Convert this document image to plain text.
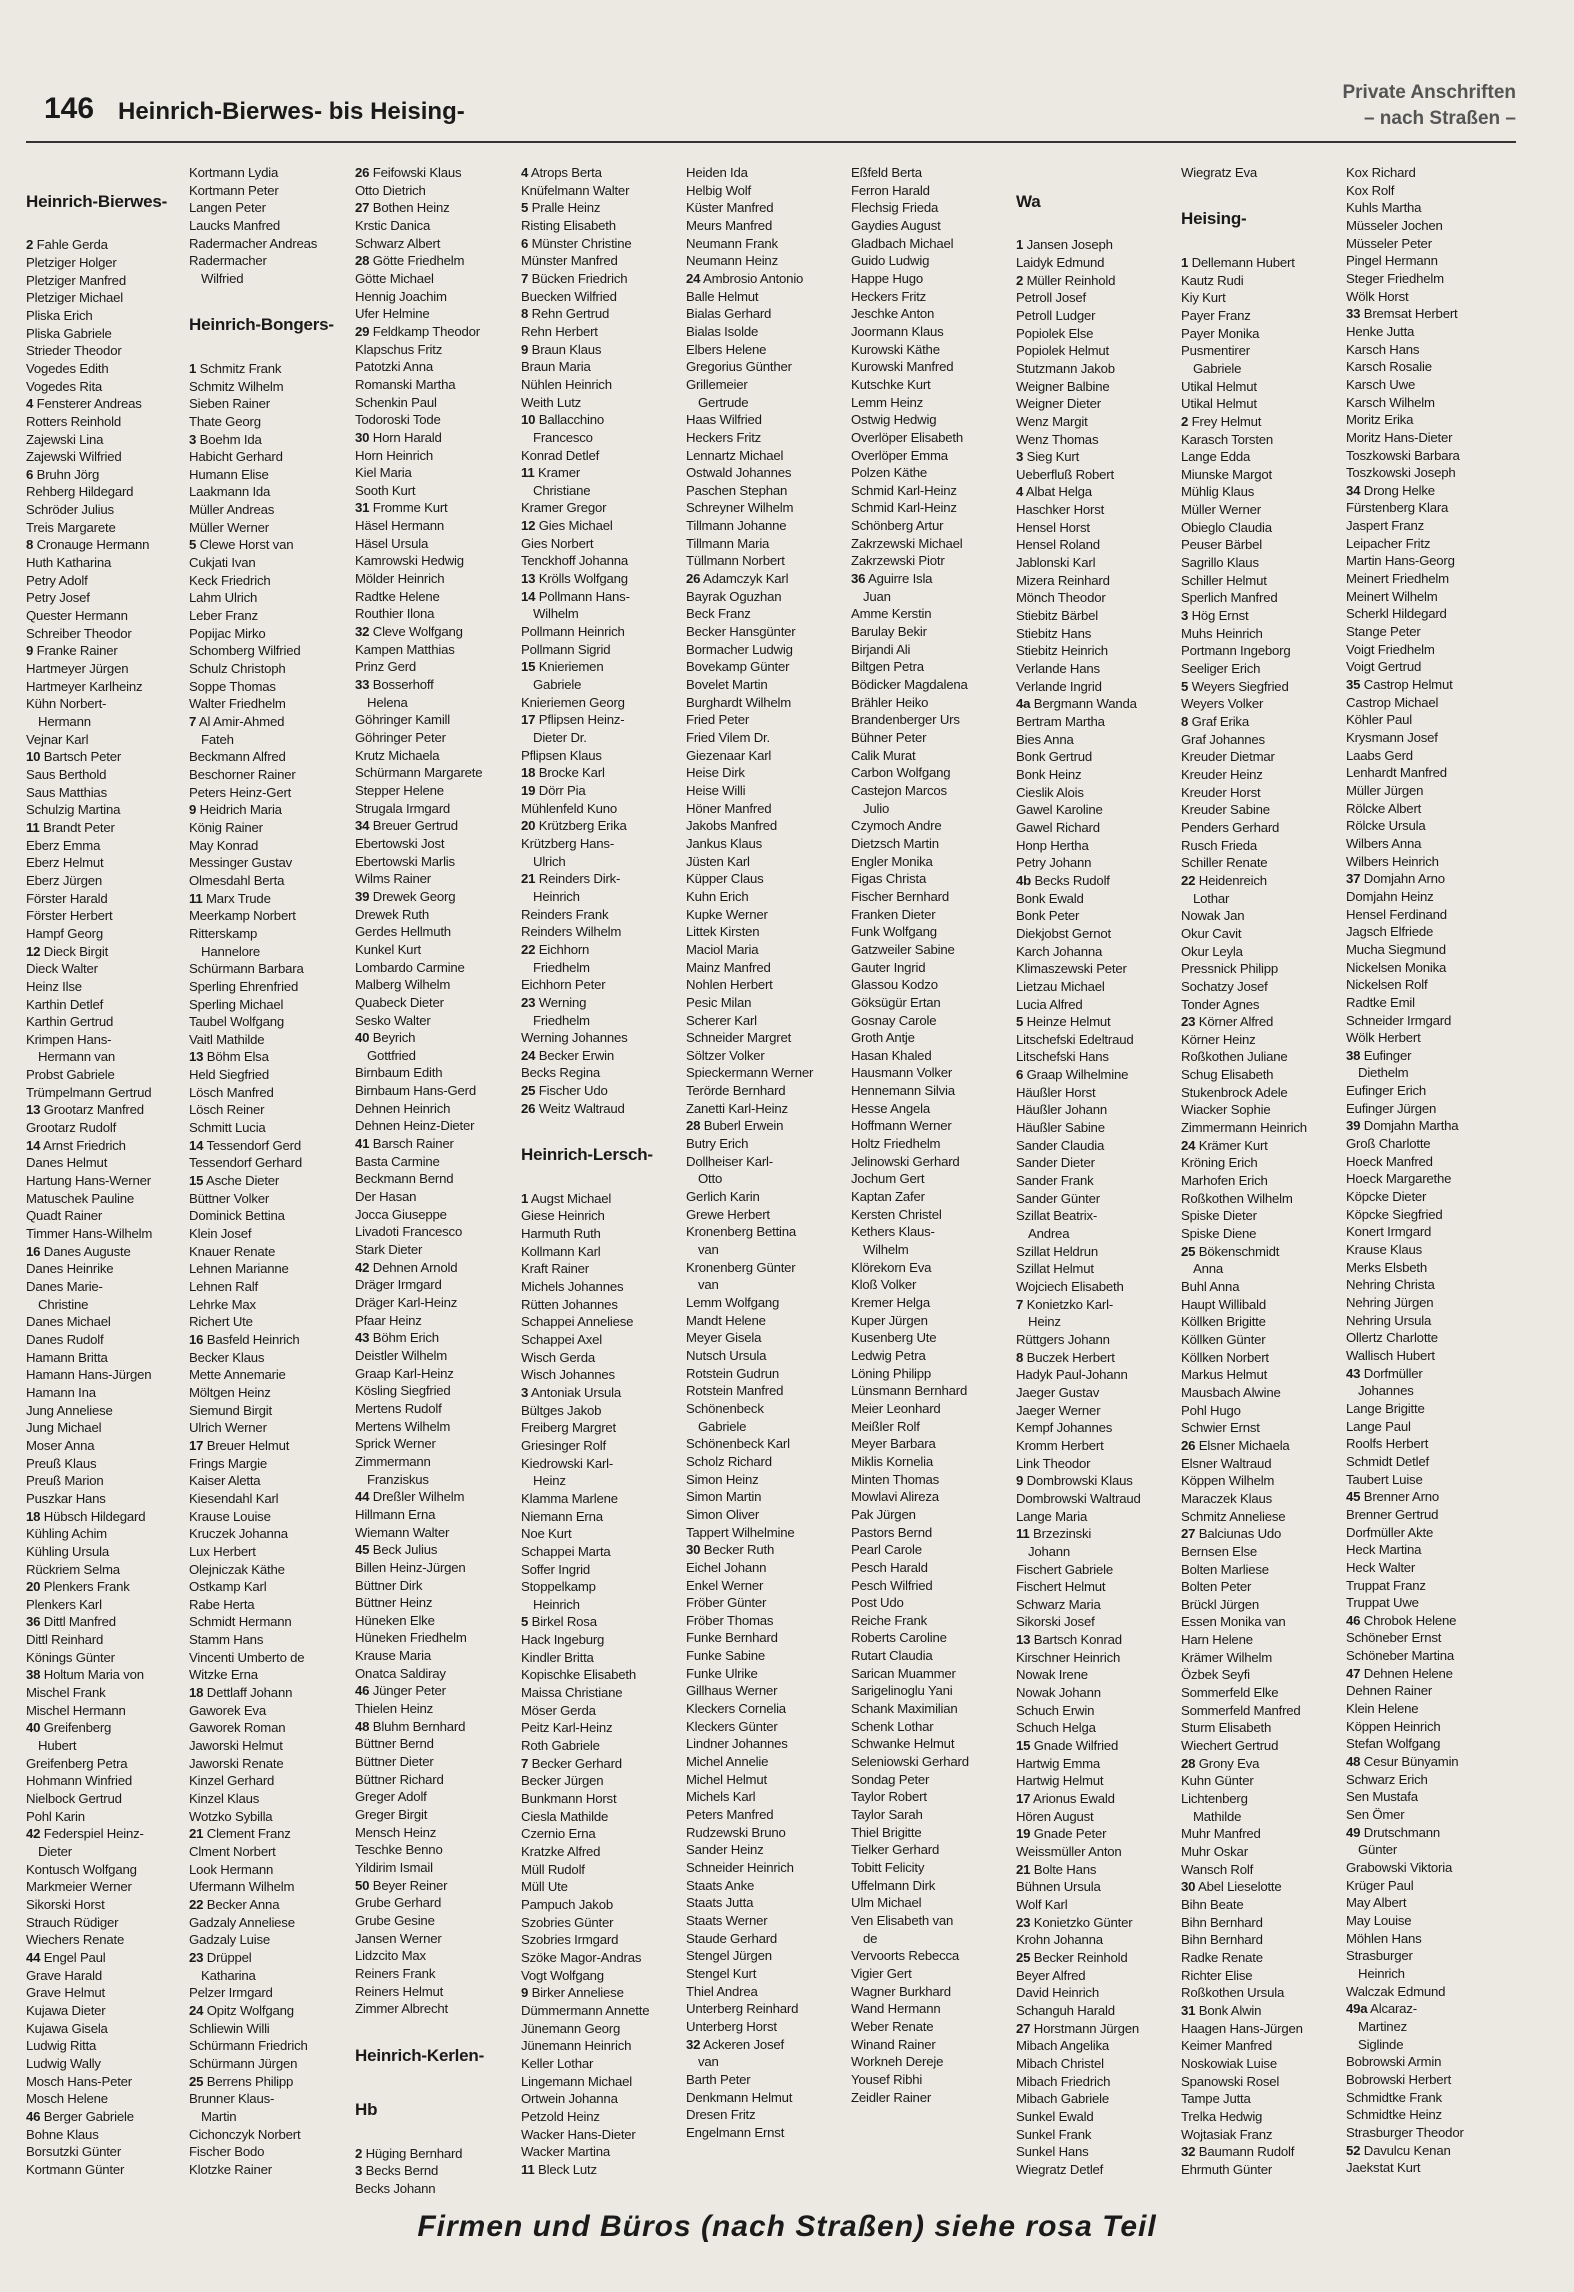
146 Heinrich-Bierwes- bis Heising-
Private Anschriften
– nach Straßen –
Heinrich-Bierwes-
2 Fahle Gerda
Pletziger Holger
Pletziger Manfred
Pletziger Michael
Pliska Erich
Pliska Gabriele
Strieder Theodor
Vogedes Edith
Vogedes Rita
4 Fensterer Andreas
Rotters Reinhold
Zajewski Lina
Zajewski Wilfried
6 Bruhn Jörg
Rehberg Hildegard
Schröder Julius
Treis Margarete
8 Cronauge Hermann
Huth Katharina
Petry Adolf
Petry Josef
Quester Hermann
Schreiber Theodor
9 Franke Rainer
Hartmeyer Jürgen
Hartmeyer Karlheinz
Kühn Norbert-
Hermann
Vejnar Karl
10 Bartsch Peter
Saus Berthold
Saus Matthias
Schulzig Martina
11 Brandt Peter
Eberz Emma
Eberz Helmut
Eberz Jürgen
Förster Harald
Förster Herbert
Hampf Georg
12 Dieck Birgit
Dieck Walter
Heinz Ilse
Karthin Detlef
Karthin Gertrud
Krimpen Hans-
Hermann van
Probst Gabriele
Trümpelmann Gertrud
13 Grootarz Manfred
Grootarz Rudolf
14 Arnst Friedrich
Danes Helmut
Hartung Hans-Werner
Matuschek Pauline
Quadt Rainer
Timmer Hans-Wilhelm
16 Danes Auguste
Danes Heinrike
Danes Marie-
Christine
Danes Michael
Danes Rudolf
Hamann Britta
Hamann Hans-Jürgen
Hamann Ina
Jung Anneliese
Jung Michael
Moser Anna
Preuß Klaus
Preuß Marion
Puszkar Hans
18 Hübsch Hildegard
Kühling Achim
Kühling Ursula
Rückriem Selma
20 Plenkers Frank
Plenkers Karl
36 Dittl Manfred
Dittl Reinhard
Könings Günter
38 Holtum Maria von
Mischel Frank
Mischel Hermann
40 Greifenberg
Hubert
Greifenberg Petra
Hohmann Winfried
Nielbock Gertrud
Pohl Karin
42 Federspiel Heinz-
Dieter
Kontusch Wolfgang
Markmeier Werner
Sikorski Horst
Strauch Rüdiger
Wiechers Renate
44 Engel Paul
Grave Harald
Grave Helmut
Kujawa Dieter
Kujawa Gisela
Ludwig Ritta
Ludwig Wally
Mosch Hans-Peter
Mosch Helene
46 Berger Gabriele
Bohne Klaus
Borsutzki Günter
Kortmann Günter
Kortmann Lydia
Kortmann Peter
Langen Peter
Laucks Manfred
Radermacher Andreas
Radermacher
Wilfried
Heinrich-Bongers-
1 Schmitz Frank
Schmitz Wilhelm
Sieben Rainer
Thate Georg
3 Boehm Ida
Habicht Gerhard
Humann Elise
Laakmann Ida
Müller Andreas
Müller Werner
5 Clewe Horst van
Cukjati Ivan
Keck Friedrich
Lahm Ulrich
Leber Franz
Popijac Mirko
Schomberg Wilfried
Schulz Christoph
Soppe Thomas
Walter Friedhelm
7 Al Amir-Ahmed
Fateh
Beckmann Alfred
Beschorner Rainer
Peters Heinz-Gert
9 Heidrich Maria
König Rainer
May Konrad
Messinger Gustav
Olmesdahl Berta
11 Marx Trude
Meerkamp Norbert
Ritterskamp
Hannelore
Schürmann Barbara
Sperling Ehrenfried
Sperling Michael
Taubel Wolfgang
Vaitl Mathilde
13 Böhm Elsa
Held Siegfried
Lösch Manfred
Lösch Reiner
Schmitt Lucia
14 Tessendorf Gerd
Tessendorf Gerhard
15 Asche Dieter
Büttner Volker
Dominick Bettina
Klein Josef
Knauer Renate
Lehnen Marianne
Lehnen Ralf
Lehrke Max
Richert Ute
16 Basfeld Heinrich
Becker Klaus
Mette Annemarie
Möltgen Heinz
Siemund Birgit
Ulrich Werner
17 Breuer Helmut
Frings Margie
Kaiser Aletta
Kiesendahl Karl
Krause Louise
Kruczek Johanna
Lux Herbert
Olejniczak Käthe
Ostkamp Karl
Rabe Herta
Schmidt Hermann
Stamm Hans
Vincenti Umberto de
Witzke Erna
18 Dettlaff Johann
Gaworek Eva
Gaworek Roman
Jaworski Helmut
Jaworski Renate
Kinzel Gerhard
Kinzel Klaus
Wotzko Sybilla
21 Clement Franz
Clment Norbert
Look Hermann
Ufermann Wilhelm
22 Becker Anna
Gadzaly Anneliese
Gadzaly Luise
23 Drüppel
Katharina
Pelzer Irmgard
24 Opitz Wolfgang
Schliewin Willi
Schürmann Friedrich
Schürmann Jürgen
25 Berrens Philipp
Brunner Klaus-
Martin
Cichonczyk Norbert
Fischer Bodo
Klotzke Rainer
26 Feifowski Klaus
Otto Dietrich
27 Bothen Heinz
Krstic Danica
Schwarz Albert
28 Götte Friedhelm
Götte Michael
Hennig Joachim
Ufer Helmine
29 Feldkamp Theodor
Klapschus Fritz
Patotzki Anna
Romanski Martha
Schenkin Paul
Todoroski Tode
30 Horn Harald
Horn Heinrich
Kiel Maria
Sooth Kurt
31 Fromme Kurt
Häsel Hermann
Häsel Ursula
Kamrowski Hedwig
Mölder Heinrich
Radtke Helene
Routhier Ilona
32 Cleve Wolfgang
Kampen Matthias
Prinz Gerd
33 Bosserhoff
Helena
Göhringer Kamill
Göhringer Peter
Krutz Michaela
Schürmann Margarete
Stepper Helene
Strugala Irmgard
34 Breuer Gertrud
Ebertowski Jost
Ebertowski Marlis
Wilms Rainer
39 Drewek Georg
Drewek Ruth
Gerdes Hellmuth
Kunkel Kurt
Lombardo Carmine
Malberg Wilhelm
Quabeck Dieter
Sesko Walter
40 Beyrich
Gottfried
Birnbaum Edith
Birnbaum Hans-Gerd
Dehnen Heinrich
Dehnen Heinz-Dieter
41 Barsch Rainer
Basta Carmine
Beckmann Bernd
Der Hasan
Jocca Giuseppe
Livadoti Francesco
Stark Dieter
42 Dehnen Arnold
Dräger Irmgard
Dräger Karl-Heinz
Pfaar Heinz
43 Böhm Erich
Deistler Wilhelm
Graap Karl-Heinz
Kösling Siegfried
Mertens Rudolf
Mertens Wilhelm
Sprick Werner
Zimmermann
Franziskus
44 Dreßler Wilhelm
Hillmann Erna
Wiemann Walter
45 Beck Julius
Billen Heinz-Jürgen
Büttner Dirk
Büttner Heinz
Hüneken Elke
Hüneken Friedhelm
Krause Maria
Onatca Saldiray
46 Jünger Peter
Thielen Heinz
48 Bluhm Bernhard
Büttner Bernd
Büttner Dieter
Büttner Richard
Greger Adolf
Greger Birgit
Mensch Heinz
Teschke Benno
Yildirim Ismail
50 Beyer Reiner
Grube Gerhard
Grube Gesine
Jansen Werner
Lidzcito Max
Reiners Frank
Reiners Helmut
Zimmer Albrecht
Heinrich-Kerlen-
Hb
2 Hüging Bernhard
3 Becks Bernd
Becks Johann
4 Atrops Berta
Knüfelmann Walter
5 Pralle Heinz
Risting Elisabeth
6 Münster Christine
Münster Manfred
7 Bücken Friedrich
Buecken Wilfried
8 Rehn Gertrud
Rehn Herbert
9 Braun Klaus
Braun Maria
Nühlen Heinrich
Weith Lutz
10 Ballacchino
Francesco
Konrad Detlef
11 Kramer
Christiane
Kramer Gregor
12 Gies Michael
Gies Norbert
Tenckhoff Johanna
13 Krölls Wolfgang
14 Pollmann Hans-
Wilhelm
Pollmann Heinrich
Pollmann Sigrid
15 Knieriemen
Gabriele
Knieriemen Georg
17 Pflipsen Heinz-
Dieter Dr.
Pflipsen Klaus
18 Brocke Karl
19 Dörr Pia
Mühlenfeld Kuno
20 Krützberg Erika
Krützberg Hans-
Ulrich
21 Reinders Dirk-
Heinrich
Reinders Frank
Reinders Wilhelm
22 Eichhorn
Friedhelm
Eichhorn Peter
23 Werning
Friedhelm
Werning Johannes
24 Becker Erwin
Becks Regina
25 Fischer Udo
26 Weitz Waltraud
Heinrich-Lersch-
1 Augst Michael
Giese Heinrich
Harmuth Ruth
Kollmann Karl
Kraft Rainer
Michels Johannes
Rütten Johannes
Schappei Anneliese
Schappei Axel
Wisch Gerda
Wisch Johannes
3 Antoniak Ursula
Bültges Jakob
Freiberg Margret
Griesinger Rolf
Kiedrowski Karl-
Heinz
Klamma Marlene
Niemann Erna
Noe Kurt
Schappei Marta
Soffer Ingrid
Stoppelkamp
Heinrich
5 Birkel Rosa
Hack Ingeburg
Kindler Britta
Kopischke Elisabeth
Maissa Christiane
Möser Gerda
Peitz Karl-Heinz
Roth Gabriele
7 Becker Gerhard
Becker Jürgen
Bunkmann Horst
Ciesla Mathilde
Czernio Erna
Kratzke Alfred
Müll Rudolf
Müll Ute
Pampuch Jakob
Szobries Günter
Szobries Irmgard
Szöke Magor-Andras
Vogt Wolfgang
9 Birker Anneliese
Dümmermann Annette
Jünemann Georg
Jünemann Heinrich
Keller Lothar
Lingemann Michael
Ortwein Johanna
Petzold Heinz
Wacker Hans-Dieter
Wacker Martina
11 Bleck Lutz
Heiden Ida
Helbig Wolf
Küster Manfred
Meurs Manfred
Neumann Frank
Neumann Heinz
24 Ambrosio Antonio
Balle Helmut
Bialas Gerhard
Bialas Isolde
Elbers Helene
Gregorius Günther
Grillemeier
Gertrude
Haas Wilfried
Heckers Fritz
Lennartz Michael
Ostwald Johannes
Paschen Stephan
Schreyner Wilhelm
Tillmann Johanne
Tillmann Maria
Tüllmann Norbert
26 Adamczyk Karl
Bayrak Oguzhan
Beck Franz
Becker Hansgünter
Bormacher Ludwig
Bovekamp Günter
Bovelet Martin
Burghardt Wilhelm
Fried Peter
Fried Vilem Dr.
Giezenaar Karl
Heise Dirk
Heise Willi
Höner Manfred
Jakobs Manfred
Jankus Klaus
Jüsten Karl
Küpper Claus
Kuhn Erich
Kupke Werner
Littek Kirsten
Maciol Maria
Mainz Manfred
Nohlen Herbert
Pesic Milan
Scherer Karl
Schneider Margret
Söltzer Volker
Spieckermann Werner
Terörde Bernhard
Zanetti Karl-Heinz
28 Buberl Erwein
Butry Erich
Dollheiser Karl-
Otto
Gerlich Karin
Grewe Herbert
Kronenberg Bettina
van
Kronenberg Günter
van
Lemm Wolfgang
Mandt Helene
Meyer Gisela
Nutsch Ursula
Rotstein Gudrun
Rotstein Manfred
Schönenbeck
Gabriele
Schönenbeck Karl
Scholz Richard
Simon Heinz
Simon Martin
Simon Oliver
Tappert Wilhelmine
30 Becker Ruth
Eichel Johann
Enkel Werner
Fröber Günter
Fröber Thomas
Funke Bernhard
Funke Sabine
Funke Ulrike
Gillhaus Werner
Kleckers Cornelia
Kleckers Günter
Lindner Johannes
Michel Annelie
Michel Helmut
Michels Karl
Peters Manfred
Rudzewski Bruno
Sander Heinz
Schneider Heinrich
Staats Anke
Staats Jutta
Staats Werner
Staude Gerhard
Stengel Jürgen
Stengel Kurt
Thiel Andrea
Unterberg Reinhard
Unterberg Horst
32 Ackeren Josef
van
Barth Peter
Denkmann Helmut
Dresen Fritz
Engelmann Ernst
Eßfeld Berta
Ferron Harald
Flechsig Frieda
Gaydies August
Gladbach Michael
Guido Ludwig
Happe Hugo
Heckers Fritz
Jeschke Anton
Joormann Klaus
Kurowski Käthe
Kurowski Manfred
Kutschke Kurt
Lemm Heinz
Ostwig Hedwig
Overlöper Elisabeth
Overlöper Emma
Polzen Käthe
Schmid Karl-Heinz
Schmid Karl-Heinz
Schönberg Artur
Zakrzewski Michael
Zakrzewski Piotr
36 Aguirre Isla
Juan
Amme Kerstin
Barulay Bekir
Birjandi Ali
Biltgen Petra
Bödicker Magdalena
Brähler Heiko
Brandenberger Urs
Bühner Peter
Calik Murat
Carbon Wolfgang
Castejon Marcos
Julio
Czymoch Andre
Dietzsch Martin
Engler Monika
Figas Christa
Fischer Bernhard
Franken Dieter
Funk Wolfgang
Gatzweiler Sabine
Gauter Ingrid
Glassou Kodzo
Göksügür Ertan
Gosnay Carole
Groth Antje
Hasan Khaled
Hausmann Volker
Hennemann Silvia
Hesse Angela
Hoffmann Werner
Holtz Friedhelm
Jelinowski Gerhard
Jochum Gert
Kaptan Zafer
Kersten Christel
Kethers Klaus-
Wilhelm
Klörekorn Eva
Kloß Volker
Kremer Helga
Kuper Jürgen
Kusenberg Ute
Ledwig Petra
Löning Philipp
Lünsmann Bernhard
Meier Leonhard
Meißler Rolf
Meyer Barbara
Miklis Kornelia
Minten Thomas
Mowlavi Alireza
Pak Jürgen
Pastors Bernd
Pearl Carole
Pesch Harald
Pesch Wilfried
Post Udo
Reiche Frank
Roberts Caroline
Rutart Claudia
Sarican Muammer
Sarigelinoglu Yani
Schank Maximilian
Schenk Lothar
Schwanke Helmut
Seleniowski Gerhard
Sondag Peter
Taylor Robert
Taylor Sarah
Thiel Brigitte
Tielker Gerhard
Tobitt Felicity
Uffelmann Dirk
Ulm Michael
Ven Elisabeth van
de
Vervoorts Rebecca
Vigier Gert
Wagner Burkhard
Wand Hermann
Weber Renate
Winand Rainer
Workneh Dereje
Yousef Ribhi
Zeidler Rainer
Wa
1 Jansen Joseph
Laidyk Edmund
2 Müller Reinhold
Petroll Josef
Petroll Ludger
Popiolek Else
Popiolek Helmut
Stutzmann Jakob
Weigner Balbine
Weigner Dieter
Wenz Margit
Wenz Thomas
3 Sieg Kurt
Ueberfluß Robert
4 Albat Helga
Haschker Horst
Hensel Horst
Hensel Roland
Jablonski Karl
Mizera Reinhard
Mönch Theodor
Stiebitz Bärbel
Stiebitz Hans
Stiebitz Heinrich
Verlande Hans
Verlande Ingrid
4a Bergmann Wanda
Bertram Martha
Bies Anna
Bonk Gertrud
Bonk Heinz
Cieslik Alois
Gawel Karoline
Gawel Richard
Honp Hertha
Petry Johann
4b Becks Rudolf
Bonk Ewald
Bonk Peter
Diekjobst Gernot
Karch Johanna
Klimaszewski Peter
Lietzau Michael
Lucia Alfred
5 Heinze Helmut
Litschefski Edeltraud
Litschefski Hans
6 Graap Wilhelmine
Häußler Horst
Häußler Johann
Häußler Sabine
Sander Claudia
Sander Dieter
Sander Frank
Sander Günter
Szillat Beatrix-
Andrea
Szillat Heldrun
Szillat Helmut
Wojciech Elisabeth
7 Konietzko Karl-
Heinz
Rüttgers Johann
8 Buczek Herbert
Hadyk Paul-Johann
Jaeger Gustav
Jaeger Werner
Kempf Johannes
Kromm Herbert
Link Theodor
9 Dombrowski Klaus
Dombrowski Waltraud
Lange Maria
11 Brzezinski
Johann
Fischert Gabriele
Fischert Helmut
Schwarz Maria
Sikorski Josef
13 Bartsch Konrad
Kirschner Heinrich
Nowak Irene
Nowak Johann
Schuch Erwin
Schuch Helga
15 Gnade Wilfried
Hartwig Emma
Hartwig Helmut
17 Arionus Ewald
Hören August
19 Gnade Peter
Weissmüller Anton
21 Bolte Hans
Bühnen Ursula
Wolf Karl
23 Konietzko Günter
Krohn Johanna
25 Becker Reinhold
Beyer Alfred
David Heinrich
Schanguh Harald
27 Horstmann Jürgen
Mibach Angelika
Mibach Christel
Mibach Friedrich
Mibach Gabriele
Sunkel Ewald
Sunkel Frank
Sunkel Hans
Wiegratz Detlef
Wiegratz Eva
Heising-
1 Dellemann Hubert
Kautz Rudi
Kiy Kurt
Payer Franz
Payer Monika
Pusmentirer
Gabriele
Utikal Helmut
Utikal Helmut
2 Frey Helmut
Karasch Torsten
Lange Edda
Miunske Margot
Mühlig Klaus
Müller Werner
Obieglo Claudia
Peuser Bärbel
Sagrillo Klaus
Schiller Helmut
Sperlich Manfred
3 Hög Ernst
Muhs Heinrich
Portmann Ingeborg
Seeliger Erich
5 Weyers Siegfried
Weyers Volker
8 Graf Erika
Graf Johannes
Kreuder Dietmar
Kreuder Heinz
Kreuder Horst
Kreuder Sabine
Penders Gerhard
Rusch Frieda
Schiller Renate
22 Heidenreich
Lothar
Nowak Jan
Okur Cavit
Okur Leyla
Pressnick Philipp
Sochatzy Josef
Tonder Agnes
23 Körner Alfred
Körner Heinz
Roßkothen Juliane
Schug Elisabeth
Stukenbrock Adele
Wiacker Sophie
Zimmermann Heinrich
24 Krämer Kurt
Kröning Erich
Marhofen Erich
Roßkothen Wilhelm
Spiske Dieter
Spiske Diene
25 Bökenschmidt
Anna
Buhl Anna
Haupt Willibald
Köllken Brigitte
Köllken Günter
Köllken Norbert
Markus Helmut
Mausbach Alwine
Pohl Hugo
Schwier Ernst
26 Elsner Michaela
Elsner Waltraud
Köppen Wilhelm
Maraczek Klaus
Schmitz Anneliese
27 Balciunas Udo
Bernsen Else
Bolten Marliese
Bolten Peter
Brückl Jürgen
Essen Monika van
Harn Helene
Krämer Wilhelm
Özbek Seyfi
Sommerfeld Elke
Sommerfeld Manfred
Sturm Elisabeth
Wiechert Gertrud
28 Grony Eva
Kuhn Günter
Lichtenberg
Mathilde
Muhr Manfred
Muhr Oskar
Wansch Rolf
30 Abel Lieselotte
Bihn Beate
Bihn Bernhard
Bihn Bernhard
Radke Renate
Richter Elise
Roßkothen Ursula
31 Bonk Alwin
Haagen Hans-Jürgen
Keimer Manfred
Noskowiak Luise
Spanowski Rosel
Tampe Jutta
Trelka Hedwig
Wojtasiak Franz
32 Baumann Rudolf
Ehrmuth Günter
Kox Richard
Kox Rolf
Kuhls Martha
Müsseler Jochen
Müsseler Peter
Pingel Hermann
Steger Friedhelm
Wölk Horst
33 Bremsat Herbert
Henke Jutta
Karsch Hans
Karsch Rosalie
Karsch Uwe
Karsch Wilhelm
Moritz Erika
Moritz Hans-Dieter
Toszkowski Barbara
Toszkowski Joseph
34 Drong Helke
Fürstenberg Klara
Jaspert Franz
Leipacher Fritz
Martin Hans-Georg
Meinert Friedhelm
Meinert Wilhelm
Scherkl Hildegard
Stange Peter
Voigt Friedhelm
Voigt Gertrud
35 Castrop Helmut
Castrop Michael
Köhler Paul
Krysmann Josef
Laabs Gerd
Lenhardt Manfred
Müller Jürgen
Rölcke Albert
Rölcke Ursula
Wilbers Anna
Wilbers Heinrich
37 Domjahn Arno
Domjahn Heinz
Hensel Ferdinand
Jagsch Elfriede
Mucha Siegmund
Nickelsen Monika
Nickelsen Rolf
Radtke Emil
Schneider Irmgard
Wölk Herbert
38 Eufinger
Diethelm
Eufinger Erich
Eufinger Jürgen
39 Domjahn Martha
Groß Charlotte
Hoeck Manfred
Hoeck Margarethe
Köpcke Dieter
Köpcke Siegfried
Konert Irmgard
Krause Klaus
Merks Elsbeth
Nehring Christa
Nehring Jürgen
Nehring Ursula
Ollertz Charlotte
Wallisch Hubert
43 Dorfmüller
Johannes
Lange Brigitte
Lange Paul
Roolfs Herbert
Schmidt Detlef
Taubert Luise
45 Brenner Arno
Brenner Gertrud
Dorfmüller Akte
Heck Martina
Heck Walter
Truppat Franz
Truppat Uwe
46 Chrobok Helene
Schöneber Ernst
Schöneber Martina
47 Dehnen Helene
Dehnen Rainer
Klein Helene
Köppen Heinrich
Stefan Wolfgang
48 Cesur Bünyamin
Schwarz Erich
Sen Mustafa
Sen Ömer
49 Drutschmann
Günter
Grabowski Viktoria
Krüger Paul
May Albert
May Louise
Möhlen Hans
Strasburger
Heinrich
Walczak Edmund
49a Alcaraz-
Martinez
Siglinde
Bobrowski Armin
Bobrowski Herbert
Schmidtke Frank
Schmidtke Heinz
Strasburger Theodor
52 Davulcu Kenan
Jaekstat Kurt
Firmen und Büros (nach Straßen) siehe rosa Teil
